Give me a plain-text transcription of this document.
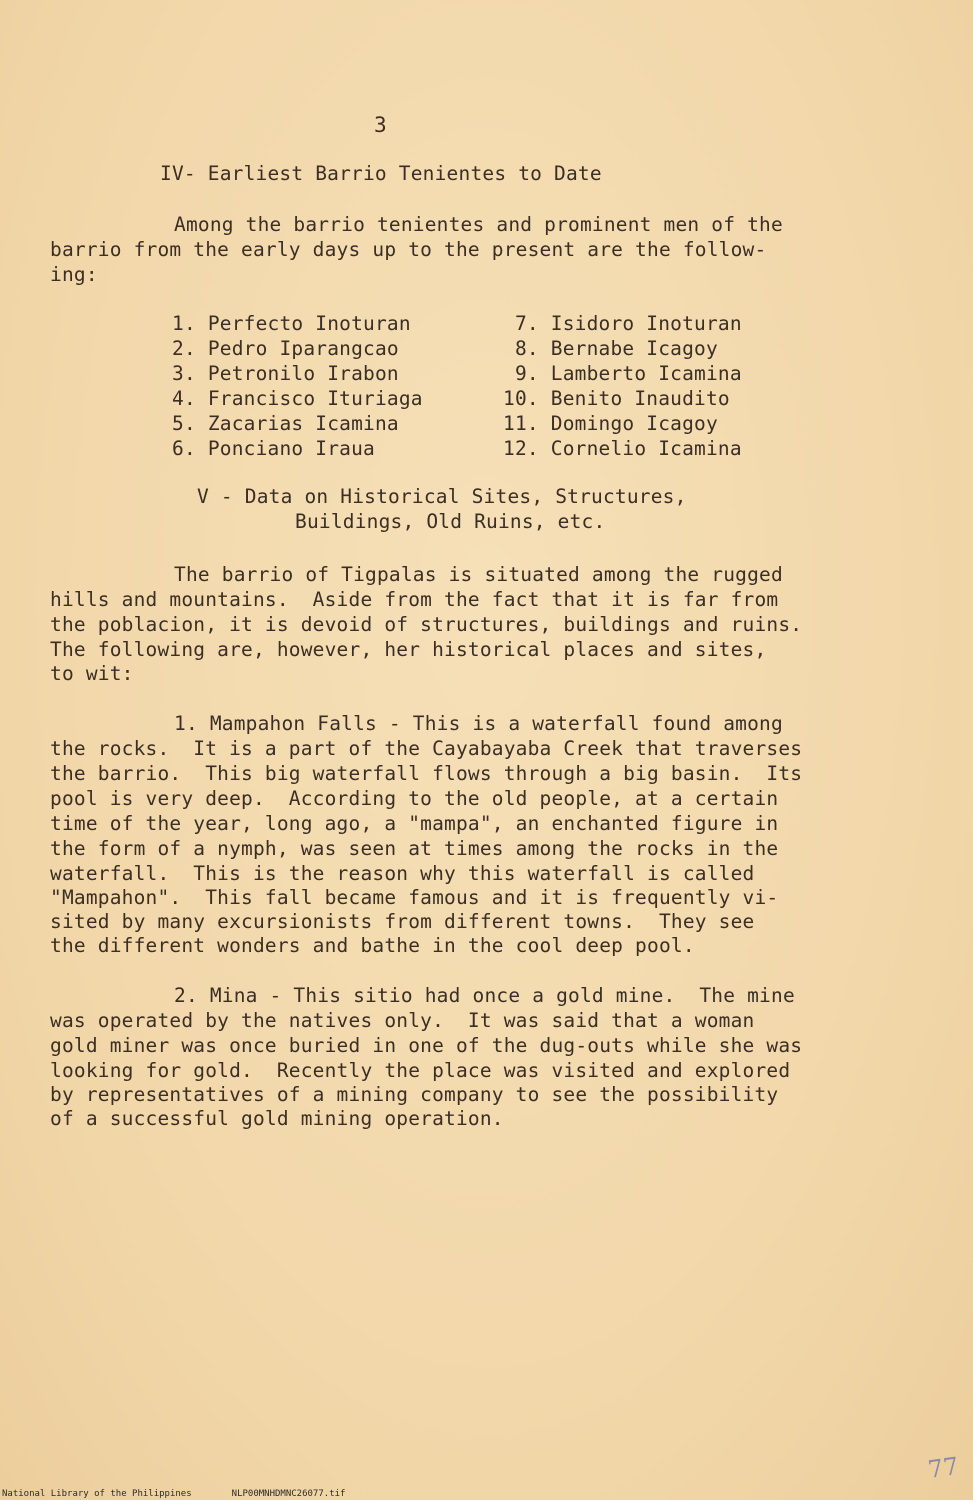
3
IV- Earliest Barrio Tenientes to Date
Among the barrio tenientes and prominent men of the
barrio from the early days up to the present are the follow-
ing:
1. Perfecto Inoturan
2. Pedro Iparangcao
3. Petronilo Irabon
4. Francisco Ituriaga
5. Zacarias Icamina
6. Ponciano Iraua
7. Isidoro Inoturan
8. Bernabe Icagoy
9. Lamberto Icamina
10. Benito Inaudito
11. Domingo Icagoy
12. Cornelio Icamina
V - Data on Historical Sites, Structures,
Buildings, Old Ruins, etc.
The barrio of Tigpalas is situated among the rugged
hills and mountains.  Aside from the fact that it is far from
the poblacion, it is devoid of structures, buildings and ruins.
The following are, however, her historical places and sites,
to wit:
1. Mampahon Falls - This is a waterfall found among
the rocks.  It is a part of the Cayabayaba Creek that traverses
the barrio.  This big waterfall flows through a big basin.  Its
pool is very deep.  According to the old people, at a certain
time of the year, long ago, a "mampa", an enchanted figure in
the form of a nymph, was seen at times among the rocks in the
waterfall.  This is the reason why this waterfall is called
"Mampahon".  This fall became famous and it is frequently vi-
sited by many excursionists from different towns.  They see
the different wonders and bathe in the cool deep pool.
2. Mina - This sitio had once a gold mine.  The mine
was operated by the natives only.  It was said that a woman
gold miner was once buried in one of the dug-outs while she was
looking for gold.  Recently the place was visited and explored
by representatives of a mining company to see the possibility
of a successful gold mining operation.
77
National Library of the Philippines	NLP00MNHDMNC26077.tif
